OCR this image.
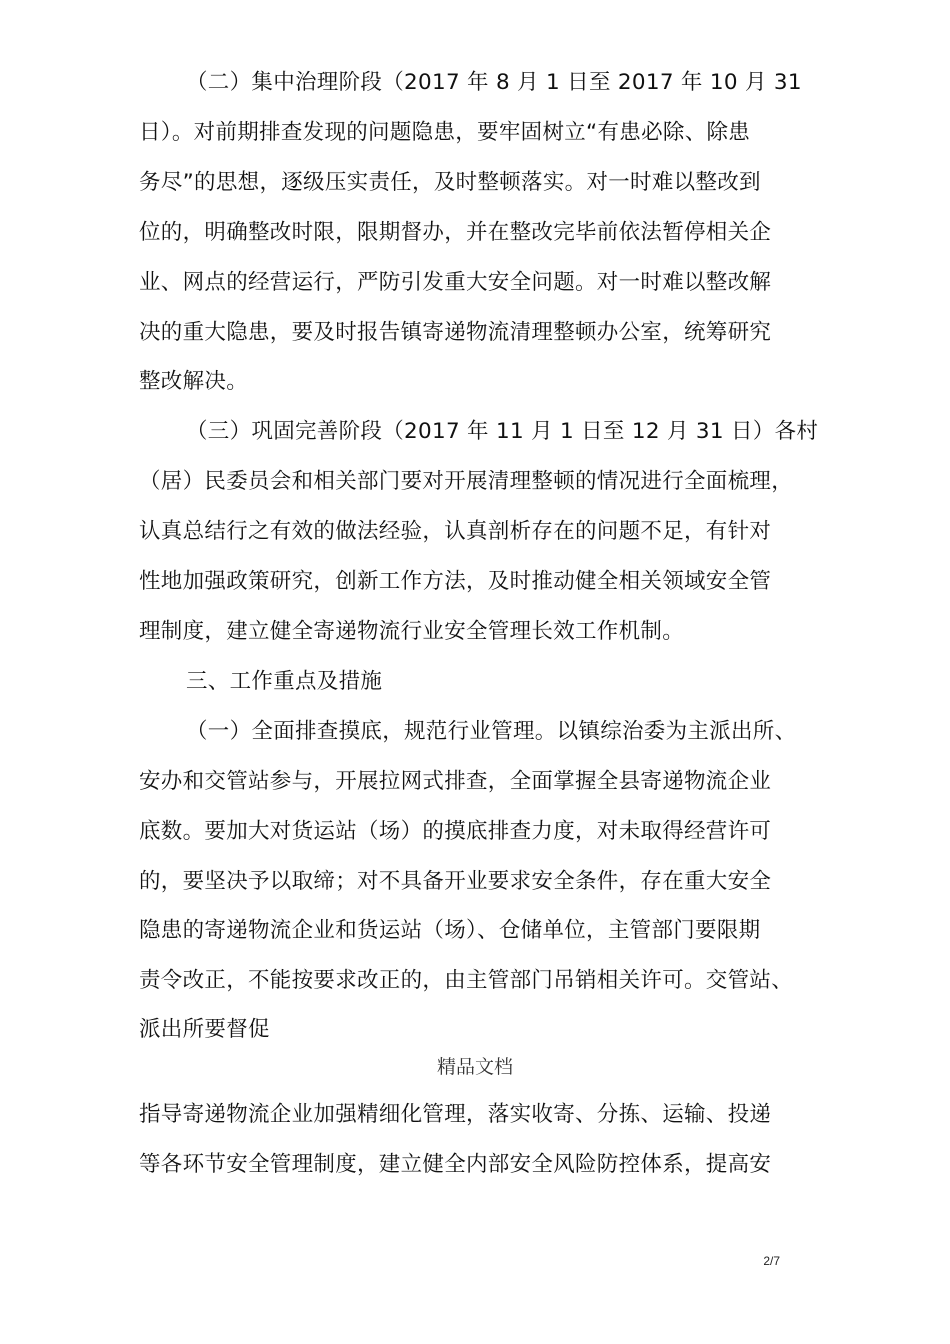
（二）集中治理阶段（2017 年 8 月 1 日至 2017 年 10 月 31
日）。对前期排查发现的问题隐患，要牢固树立“有患必除、除患
务尽”的思想，逐级压实责任，及时整顿落实。对一时难以整改到
位的，明确整改时限，限期督办，并在整改完毕前依法暂停相关企
业、网点的经营运行，严防引发重大安全问题。对一时难以整改解
决的重大隐患，要及时报告镇寄递物流清理整顿办公室，统筹研究
整改解决。
（三）巩固完善阶段（2017 年 11 月 1 日至 12 月 31 日）各村
（居）民委员会和相关部门要对开展清理整顿的情况进行全面梳理，
认真总结行之有效的做法经验，认真剖析存在的问题不足，有针对
性地加强政策研究，创新工作方法，及时推动健全相关领域安全管
理制度，建立健全寄递物流行业安全管理长效工作机制。
三、工作重点及措施
（一）全面排查摸底，规范行业管理。以镇综治委为主派出所、
安办和交管站参与，开展拉网式排查，全面掌握全县寄递物流企业
底数。要加大对货运站（场）的摸底排查力度，对未取得经营许可
的，要坚决予以取缔；对不具备开业要求安全条件，存在重大安全
隐患的寄递物流企业和货运站（场）、仓储单位，主管部门要限期
责令改正，不能按要求改正的，由主管部门吊销相关许可。交管站、
派出所要督促
精品文档
指导寄递物流企业加强精细化管理，落实收寄、分拣、运输、投递
等各环节安全管理制度，建立健全内部安全风险防控体系，提高安
2/7
